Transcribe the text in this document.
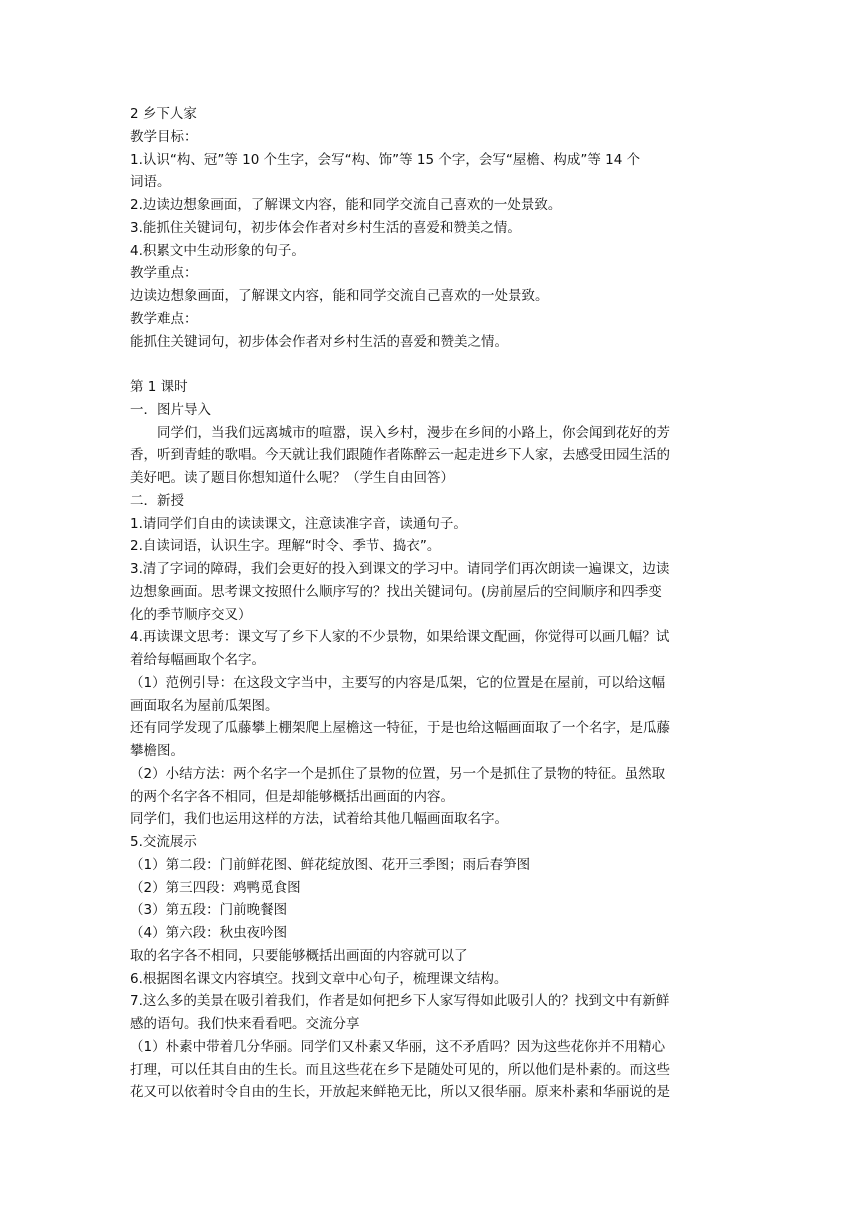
2 乡下人家
教学目标：
1.认识“构、冠”等 10 个生字，会写“构、饰”等 15 个字，会写“屋檐、构成”等 14 个
词语。
2.边读边想象画面，了解课文内容，能和同学交流自己喜欢的一处景致。
3.能抓住关键词句，初步体会作者对乡村生活的喜爱和赞美之情。
4.积累文中生动形象的句子。
教学重点：
边读边想象画面，了解课文内容，能和同学交流自己喜欢的一处景致。
教学难点：
能抓住关键词句，初步体会作者对乡村生活的喜爱和赞美之情。
第 1 课时
一．图片导入
同学们，当我们远离城市的喧嚣，误入乡村，漫步在乡间的小路上，你会闻到花好的芳
香，听到青蛙的歌唱。今天就让我们跟随作者陈醉云一起走进乡下人家，去感受田园生活的
美好吧。读了题目你想知道什么呢？（学生自由回答）
二．新授
1.请同学们自由的读读课文，注意读准字音，读通句子。
2.自读词语，认识生字。理解“时令、季节、捣衣”。
3.清了字词的障碍，我们会更好的投入到课文的学习中。请同学们再次朗读一遍课文，边读
边想象画面。思考课文按照什么顺序写的？找出关键词句。(房前屋后的空间顺序和四季变
化的季节顺序交叉）
4.再读课文思考：课文写了乡下人家的不少景物，如果给课文配画，你觉得可以画几幅？试
着给每幅画取个名字。
（1）范例引导：在这段文字当中，主要写的内容是瓜架，它的位置是在屋前，可以给这幅
画面取名为屋前瓜架图。
还有同学发现了瓜藤攀上棚架爬上屋檐这一特征，于是也给这幅画面取了一个名字，是瓜藤
攀檐图。
（2）小结方法：两个名字一个是抓住了景物的位置，另一个是抓住了景物的特征。虽然取
的两个名字各不相同，但是却能够概括出画面的内容。
同学们，我们也运用这样的方法，试着给其他几幅画面取名字。
5.交流展示
（1）第二段：门前鲜花图、鲜花绽放图、花开三季图；雨后春笋图
（2）第三四段：鸡鸭觅食图
（3）第五段：门前晚餐图
（4）第六段：秋虫夜吟图
取的名字各不相同，只要能够概括出画面的内容就可以了
6.根据图名课文内容填空。找到文章中心句子，梳理课文结构。
7.这么多的美景在吸引着我们，作者是如何把乡下人家写得如此吸引人的？找到文中有新鲜
感的语句。我们快来看看吧。交流分享
（1）朴素中带着几分华丽。同学们又朴素又华丽，这不矛盾吗？因为这些花你并不用精心
打理，可以任其自由的生长。而且这些花在乡下是随处可见的，所以他们是朴素的。而这些
花又可以依着时令自由的生长，开放起来鲜艳无比，所以又很华丽。原来朴素和华丽说的是
